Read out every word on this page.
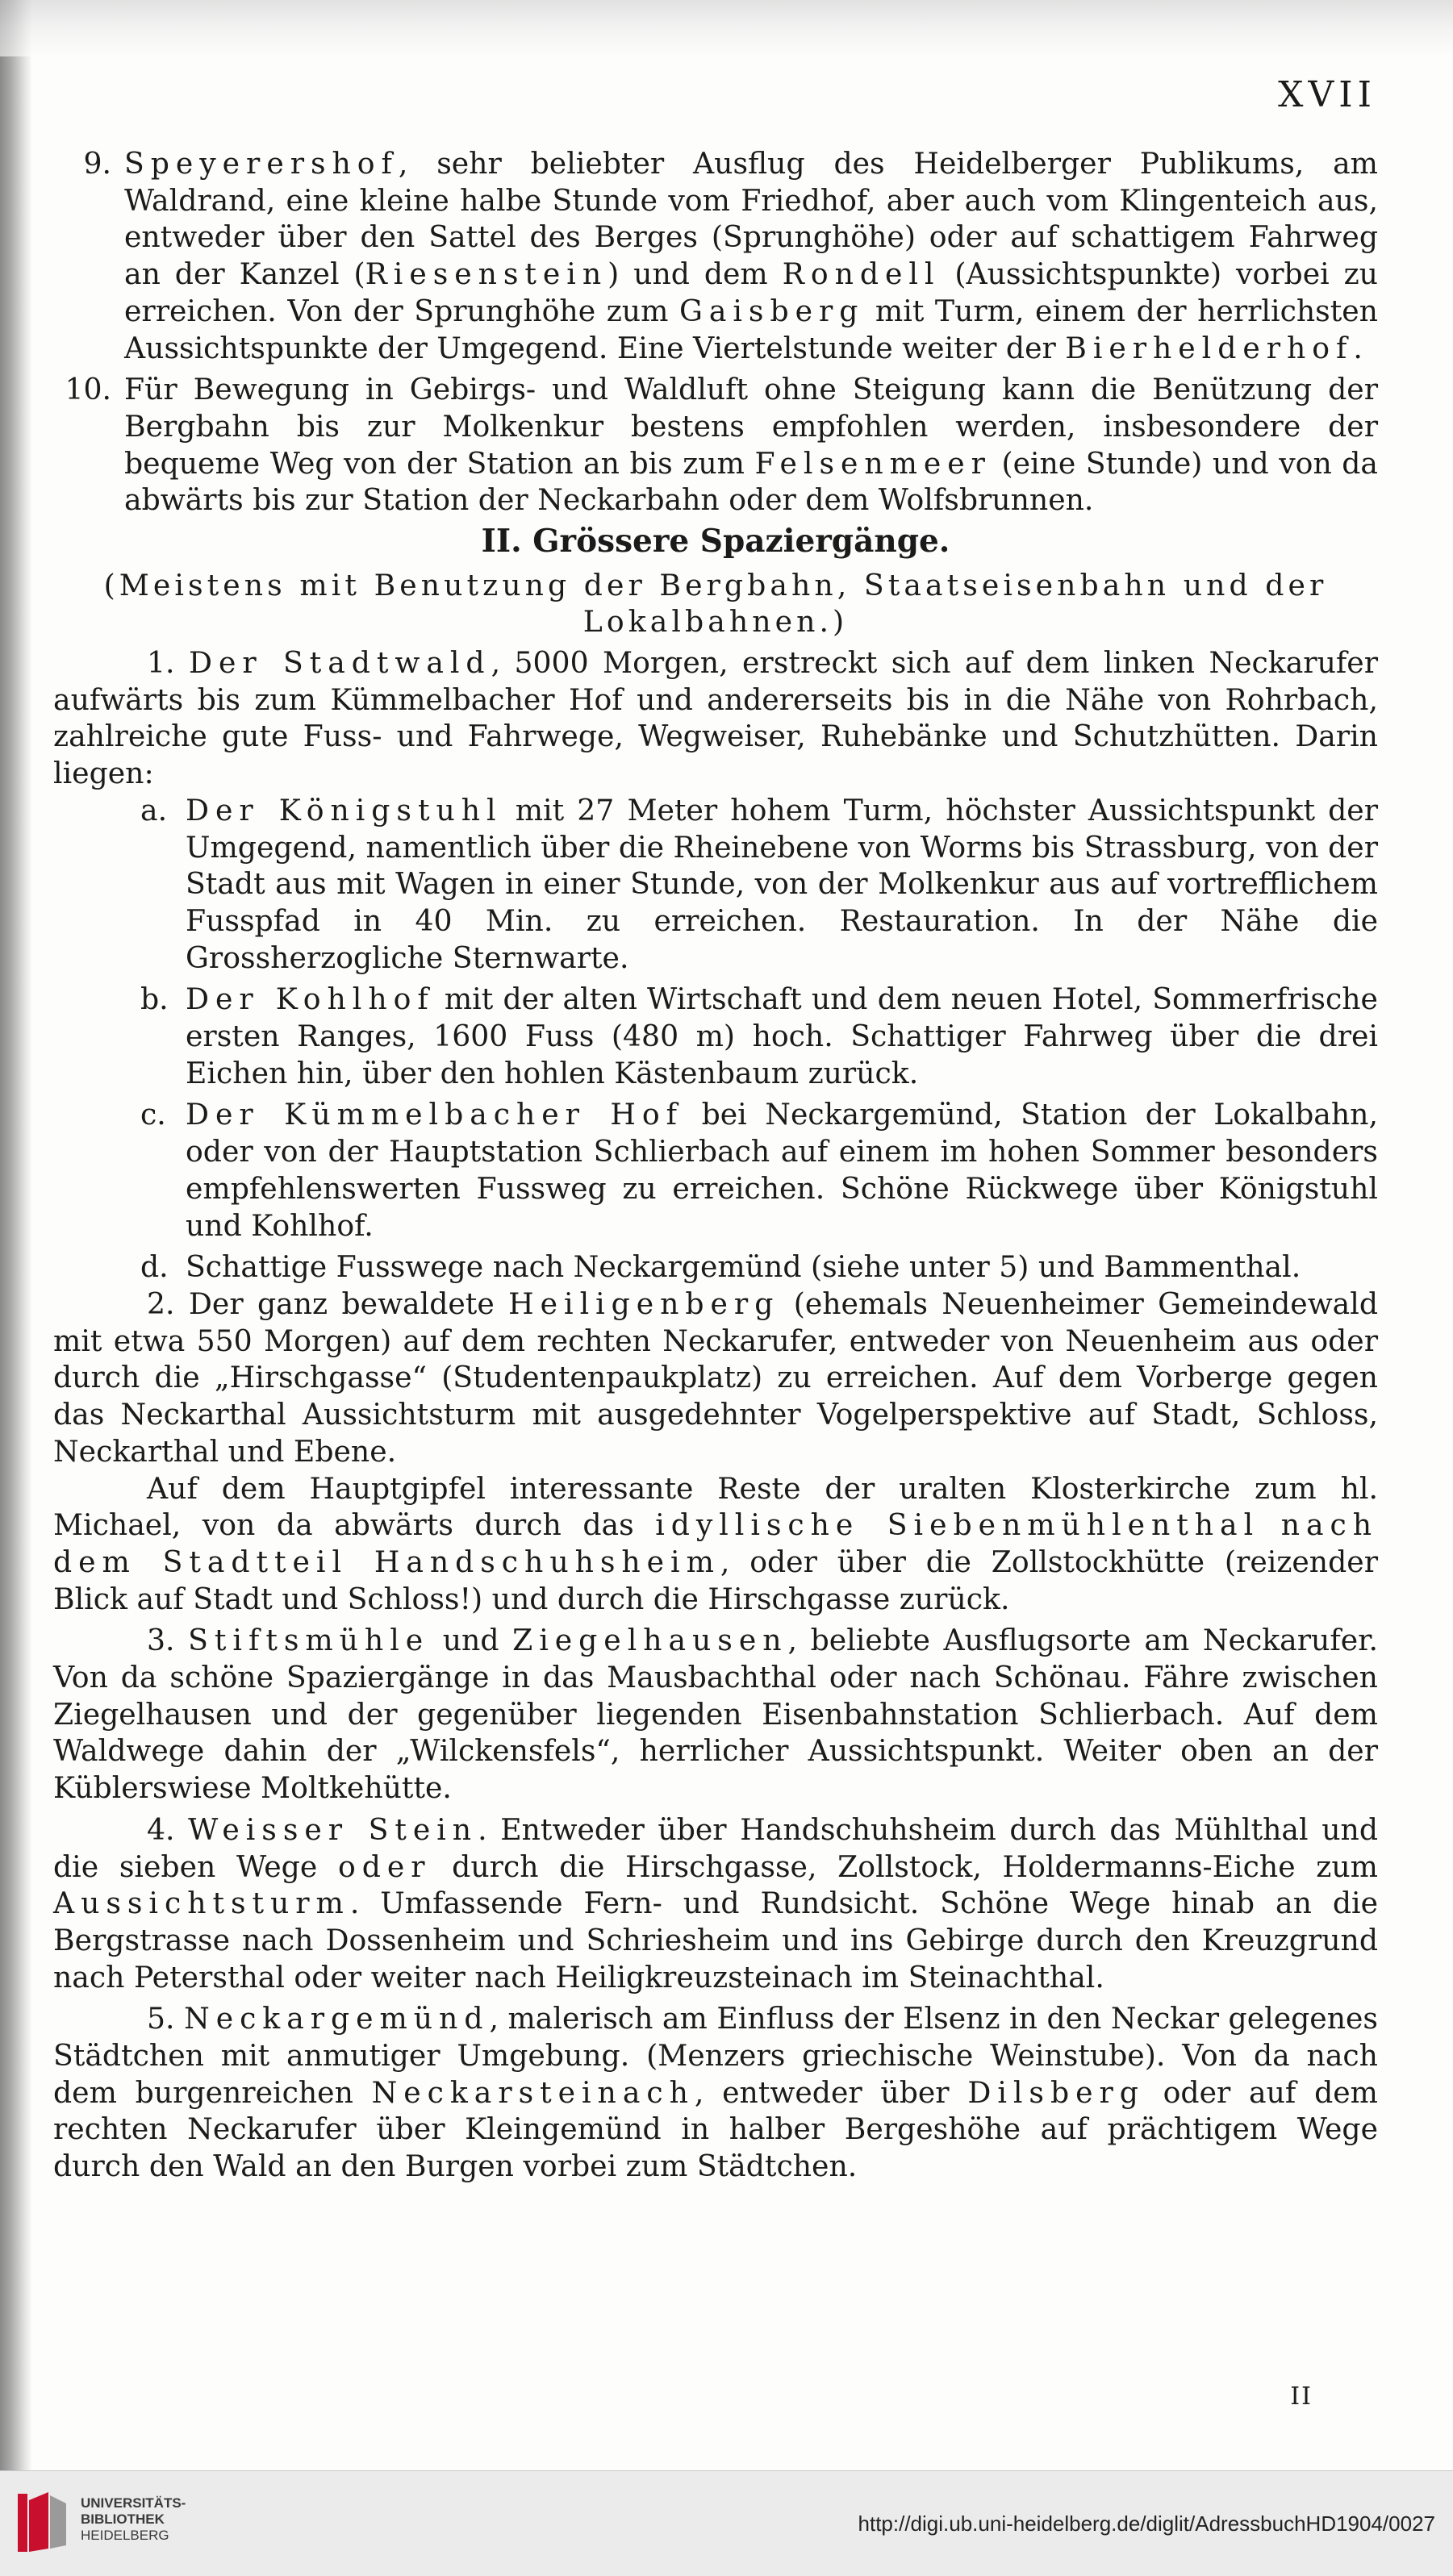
XVII
9. Speyerershof, sehr beliebter Ausflug des Heidelberger Publikums, am Waldrand, eine kleine halbe Stunde vom Friedhof, aber auch vom Klingenteich aus, entweder über den Sattel des Berges (Sprunghöhe) oder auf schattigem Fahrweg an der Kanzel (Riesenstein) und dem Rondell (Aussichtspunkte) vorbei zu erreichen. Von der Sprunghöhe zum Gaisberg mit Turm, einem der herrlichsten Aussichtspunkte der Umgegend. Eine Viertelstunde weiter der Bierhelderhof.
10. Für Bewegung in Gebirgs- und Waldluft ohne Steigung kann die Benützung der Bergbahn bis zur Molkenkur bestens empfohlen werden, insbesondere der bequeme Weg von der Station an bis zum Felsenmeer (eine Stunde) und von da abwärts bis zur Station der Neckarbahn oder dem Wolfsbrunnen.
II. Grössere Spaziergänge.
(Meistens mit Benutzung der Bergbahn, Staatseisenbahn und der Lokalbahnen.)
1. Der Stadtwald, 5000 Morgen, erstreckt sich auf dem linken Neckarufer aufwärts bis zum Kümmelbacher Hof und andererseits bis in die Nähe von Rohrbach, zahlreiche gute Fuss- und Fahrwege, Wegweiser, Ruhebänke und Schutzhütten. Darin liegen:
a. Der Königstuhl mit 27 Meter hohem Turm, höchster Aussichtspunkt der Umgegend, namentlich über die Rheinebene von Worms bis Strassburg, von der Stadt aus mit Wagen in einer Stunde, von der Molkenkur aus auf vortrefflichem Fusspfad in 40 Min. zu erreichen. Restauration. In der Nähe die Grossherzogliche Sternwarte.
b. Der Kohlhof mit der alten Wirtschaft und dem neuen Hotel, Sommerfrische ersten Ranges, 1600 Fuss (480 m) hoch. Schattiger Fahrweg über die drei Eichen hin, über den hohlen Kästenbaum zurück.
c. Der Kümmelbacher Hof bei Neckargemünd, Station der Lokalbahn, oder von der Hauptstation Schlierbach auf einem im hohen Sommer besonders empfehlenswerten Fussweg zu erreichen. Schöne Rückwege über Königstuhl und Kohlhof.
d. Schattige Fusswege nach Neckargemünd (siehe unter 5) und Bammenthal.
2. Der ganz bewaldete Heiligenberg (ehemals Neuenheimer Gemeindewald mit etwa 550 Morgen) auf dem rechten Neckarufer, entweder von Neuenheim aus oder durch die „Hirschgasse“ (Studentenpaukplatz) zu erreichen. Auf dem Vorberge gegen das Neckarthal Aussichtsturm mit ausgedehnter Vogelperspektive auf Stadt, Schloss, Neckarthal und Ebene.
Auf dem Hauptgipfel interessante Reste der uralten Klosterkirche zum hl. Michael, von da abwärts durch das idyllische Siebenmühlenthal nach dem Stadtteil Handschuhsheim, oder über die Zollstockhütte (reizender Blick auf Stadt und Schloss!) und durch die Hirschgasse zurück.
3. Stiftsmühle und Ziegelhausen, beliebte Ausflugsorte am Neckarufer. Von da schöne Spaziergänge in das Mausbachthal oder nach Schönau. Fähre zwischen Ziegelhausen und der gegenüber liegenden Eisenbahnstation Schlierbach. Auf dem Waldwege dahin der „Wilckensfels“, herrlicher Aussichtspunkt. Weiter oben an der Küblerswiese Moltkehütte.
4. Weisser Stein. Entweder über Handschuhsheim durch das Mühlthal und die sieben Wege oder durch die Hirschgasse, Zollstock, Holdermanns-Eiche zum Aussichtsturm. Umfassende Fern- und Rundsicht. Schöne Wege hinab an die Bergstrasse nach Dossenheim und Schriesheim und ins Gebirge durch den Kreuzgrund nach Petersthal oder weiter nach Heiligkreuzsteinach im Steinachthal.
5. Neckargemünd, malerisch am Einfluss der Elsenz in den Neckar gelegenes Städtchen mit anmutiger Umgebung. (Menzers griechische Weinstube). Von da nach dem burgenreichen Neckarsteinach, entweder über Dilsberg oder auf dem rechten Neckarufer über Kleingemünd in halber Bergeshöhe auf prächtigem Wege durch den Wald an den Burgen vorbei zum Städtchen.
II
UNIVERSITÄTS-
BIBLIOTHEK
HEIDELBERG	http://digi.ub.uni-heidelberg.de/diglit/AdressbuchHD1904/0027
